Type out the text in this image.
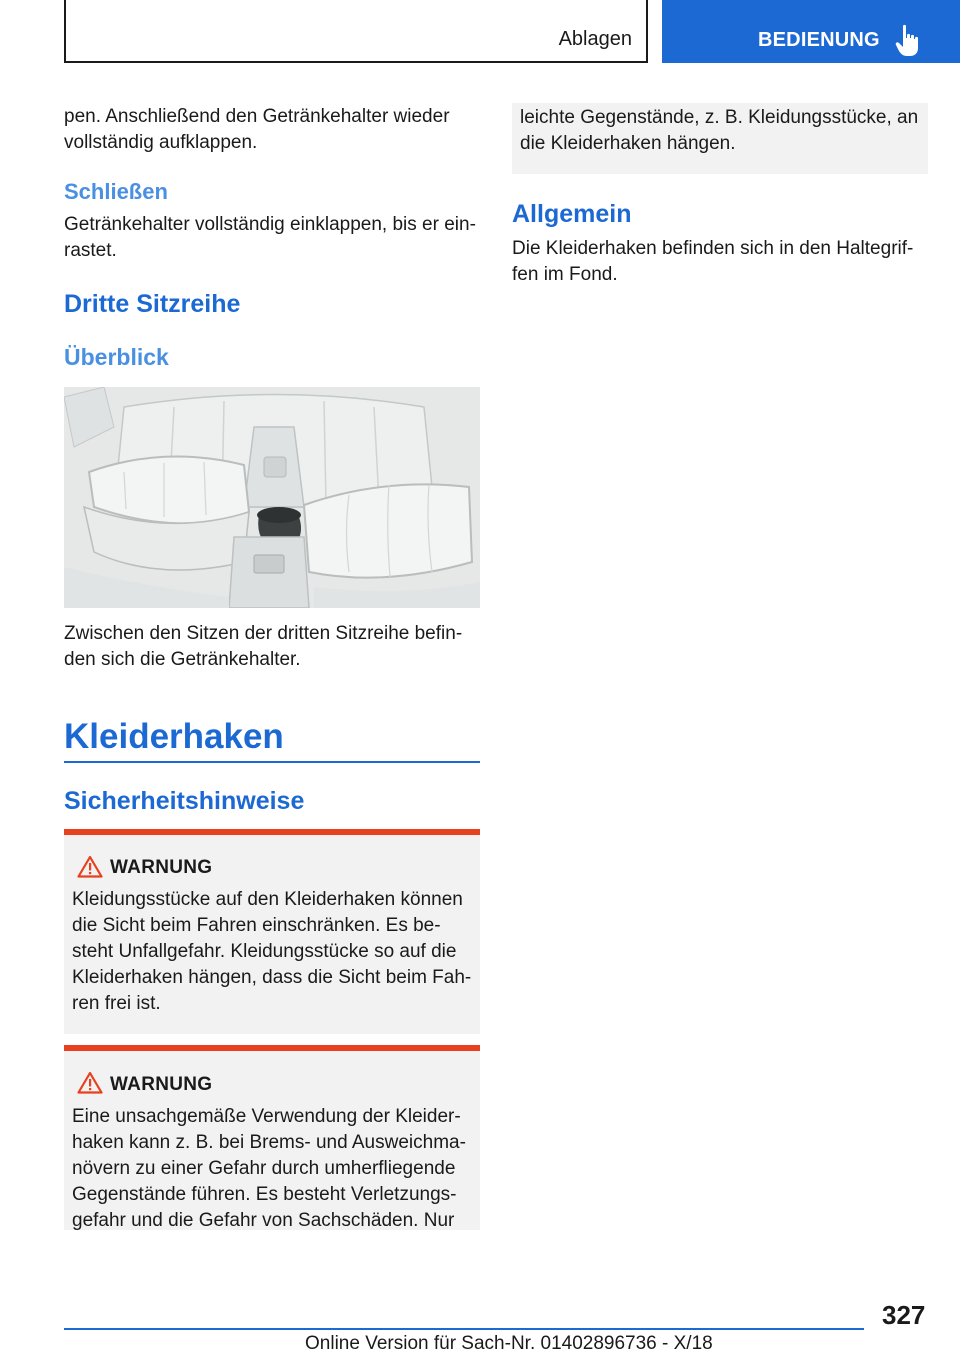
Ablagen	BEDIENUNG

pen. Anschließend den Getränkehalter wieder vollständig aufklappen.

Schließen

Getränkehalter vollständig einklappen, bis er einrastet.

Dritte Sitzreihe
Überblick

Zwischen den Sitzen der dritten Sitzreihe befinden sich die Getränkehalter.

Kleiderhaken
Sicherheitshinweise
WARNUNG

Kleidungsstücke auf den Kleiderhaken können die Sicht beim Fahren einschränken. Es besteht Unfallgefahr. Kleidungsstücke so auf die Kleiderhaken hängen, dass die Sicht beim Fahren frei ist.

WARNUNG

Eine unsachgemäße Verwendung der Kleiderhaken kann z. B. bei Brems- und Ausweichmanövern zu einer Gefahr durch umherfliegende Gegenstände führen. Es besteht Verletzungsgefahr und die Gefahr von Sachschäden. Nur

leichte Gegenstände, z. B. Kleidungsstücke, an die Kleiderhaken hängen.

Allgemein

Die Kleiderhaken befinden sich in den Haltegriffen im Fond.

327
Online Version für Sach-Nr. 01402896736 - X/18
